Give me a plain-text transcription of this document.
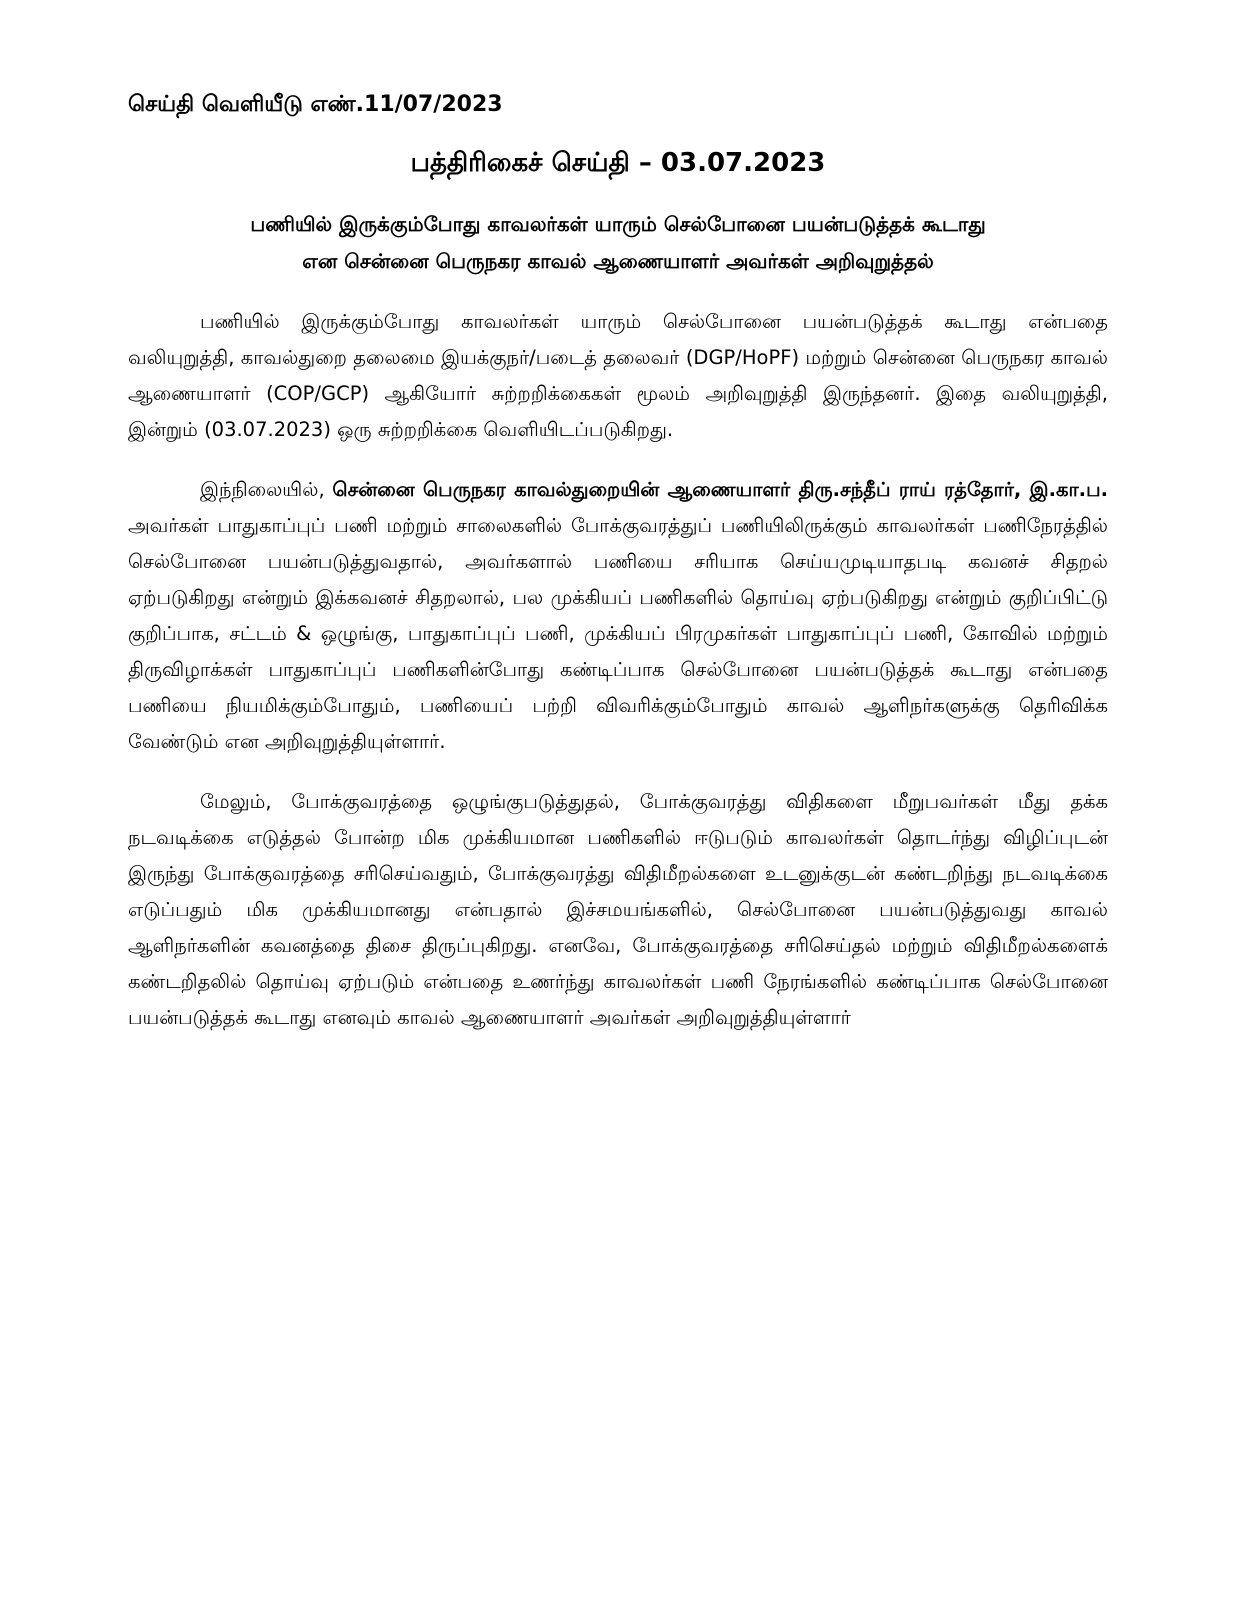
செய்தி வெளியீடு எண்.11/07/2023

பத்திரிகைச் செய்தி – 03.07.2023
பணியில் இருக்கும்போது காவலர்கள் யாரும் செல்போனை பயன்படுத்தக் கூடாது
என சென்னை பெருநகர காவல் ஆணையாளர் அவர்கள் அறிவுறுத்தல்

பணியில் இருக்கும்போது காவலர்கள் யாரும் செல்போனை பயன்படுத்தக் கூடாது என்பதை வலியுறுத்தி, காவல்துறை தலைமை இயக்குநர்/படைத் தலைவர் (DGP/HoPF) மற்றும் சென்னை பெருநகர காவல் ஆணையாளர் (COP/GCP) ஆகியோர் சுற்றறிக்கைகள் மூலம் அறிவுறுத்தி இருந்தனர். இதை வலியுறுத்தி, இன்றும் (03.07.2023) ஒரு சுற்றறிக்கை வெளியிடப்படுகிறது.

இந்நிலையில், சென்னை பெருநகர காவல்துறையின் ஆணையாளர் திரு.சந்தீப் ராய் ரத்தோர், இ.கா.ப. அவர்கள் பாதுகாப்புப் பணி மற்றும் சாலைகளில் போக்குவரத்துப் பணியிலிருக்கும் காவலர்கள் பணிநேரத்தில் செல்போனை பயன்படுத்துவதால், அவர்களால் பணியை சரியாக செய்யமுடியாதபடி கவனச் சிதறல் ஏற்படுகிறது என்றும் இக்கவனச் சிதறலால், பல முக்கியப் பணிகளில் தொய்வு ஏற்படுகிறது என்றும் குறிப்பிட்டு குறிப்பாக, சட்டம் & ஒழுங்கு, பாதுகாப்புப் பணி, முக்கியப் பிரமுகர்கள் பாதுகாப்புப் பணி, கோவில் மற்றும் திருவிழாக்கள் பாதுகாப்புப் பணிகளின்போது கண்டிப்பாக செல்போனை பயன்படுத்தக் கூடாது என்பதை பணியை நியமிக்கும்போதும், பணியைப் பற்றி விவரிக்கும்போதும் காவல் ஆளிநர்களுக்கு தெரிவிக்க வேண்டும் என அறிவுறுத்தியுள்ளார்.

மேலும், போக்குவரத்தை ஒழுங்குபடுத்துதல், போக்குவரத்து விதிகளை மீறுபவர்கள் மீது தக்க நடவடிக்கை எடுத்தல் போன்ற மிக முக்கியமான பணிகளில் ஈடுபடும் காவலர்கள் தொடர்ந்து விழிப்புடன் இருந்து போக்குவரத்தை சரிசெய்வதும், போக்குவரத்து விதிமீறல்களை உடனுக்குடன் கண்டறிந்து நடவடிக்கை எடுப்பதும் மிக முக்கியமானது என்பதால் இச்சமயங்களில், செல்போனை பயன்படுத்துவது காவல் ஆளிநர்களின் கவனத்தை திசை திருப்புகிறது. எனவே, போக்குவரத்தை சரிசெய்தல் மற்றும் விதிமீறல்களைக் கண்டறிதலில் தொய்வு ஏற்படும் என்பதை உணர்ந்து காவலர்கள் பணி நேரங்களில் கண்டிப்பாக செல்போனை பயன்படுத்தக் கூடாது எனவும் காவல் ஆணையாளர் அவர்கள் அறிவுறுத்தியுள்ளார்
